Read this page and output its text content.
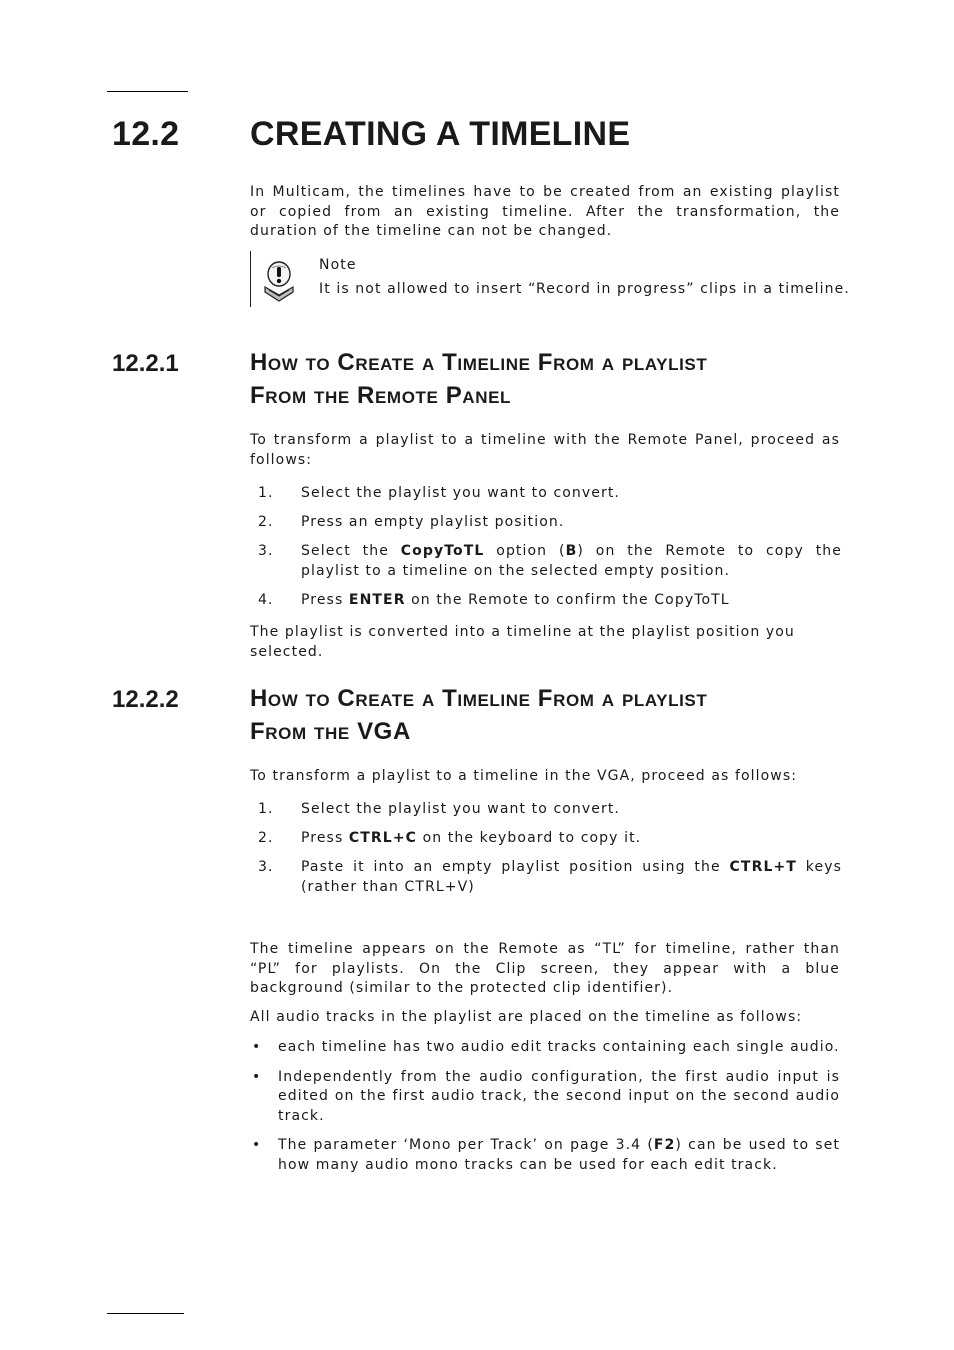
12.2 CREATING A TIMELINE

In Multicam, the timelines have to be created from an existing playlist or copied from an existing timeline. After the transformation, the duration of the timeline can not be changed.

Note
It is not allowed to insert “Record in progress” clips in a timeline.
12.2.1	How to Create a Timeline From a playlist
From the Remote Panel

To transform a playlist to a timeline with the Remote Panel, proceed as follows:

1. Select the playlist you want to convert.
2. Press an empty playlist position.
3. Select the CopyToTL option (B) on the Remote to copy the playlist to a timeline on the selected empty position.
4. Press ENTER on the Remote to confirm the CopyToTL

The playlist is converted into a timeline at the playlist position you selected.

12.2.2	How to Create a Timeline From a playlist
From the VGA

To transform a playlist to a timeline in the VGA, proceed as follows:

1. Select the playlist you want to convert.
2. Press CTRL+C on the keyboard to copy it.
3. Paste it into an empty playlist position using the CTRL+T keys (rather than CTRL+V)

The timeline appears on the Remote as “TL” for timeline, rather than “PL” for playlists. On the Clip screen, they appear with a blue background (similar to the protected clip identifier).

All audio tracks in the playlist are placed on the timeline as follows:

• each timeline has two audio edit tracks containing each single audio.
• Independently from the audio configuration, the first audio input is edited on the first audio track, the second input on the second audio track.
• The parameter ‘Mono per Track’ on page 3.4 (F2) can be used to set how many audio mono tracks can be used for each edit track.
